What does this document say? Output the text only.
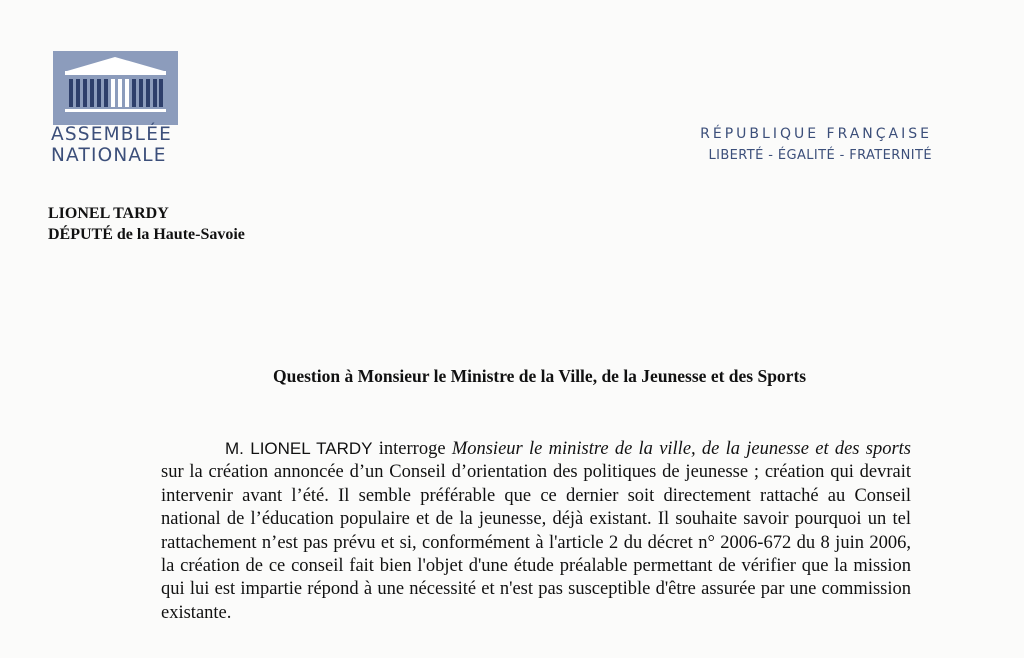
ASSEMBLÉE
NATIONALE
RÉPUBLIQUE FRANÇAISE
LIBERTÉ - ÉGALITÉ - FRATERNITÉ
LIONEL TARDY
DÉPUTÉ de la Haute-Savoie
Question à Monsieur le Ministre de la Ville, de la Jeunesse et des Sports
M. LIONEL TARDY interroge Monsieur le ministre de la ville, de la jeunesse et des sports sur la création annoncée d’un Conseil d’orientation des politiques de jeunesse ; création qui devrait intervenir avant l’été. Il semble préférable que ce dernier soit directement rattaché au Conseil national de l’éducation populaire et de la jeunesse, déjà existant. Il souhaite savoir pourquoi un tel rattachement n’est pas prévu et si, conformément à l'article 2 du décret n° 2006-672 du 8 juin 2006, la création de ce conseil fait bien l'objet d'une étude préalable permettant de vérifier que la mission qui lui est impartie répond à une nécessité et n'est pas susceptible d'être assurée par une commission existante.
